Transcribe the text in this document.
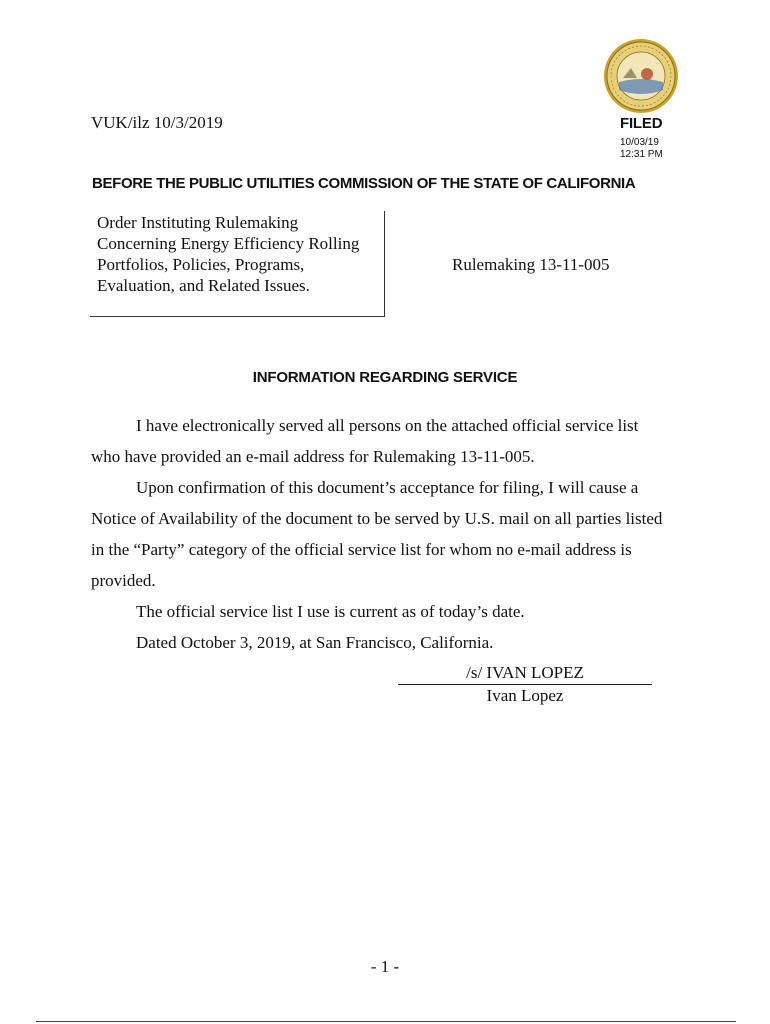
VUK/ilz 10/3/2019	FILED
10/03/19
12:31 PM
BEFORE THE PUBLIC UTILITIES COMMISSION OF THE STATE OF CALIFORNIA
Order Instituting Rulemaking
Concerning Energy Efficiency Rolling
Portfolios, Policies, Programs,
Evaluation, and Related Issues.
Rulemaking 13-11-005
INFORMATION REGARDING SERVICE

I have electronically served all persons on the attached official service list who have provided an e-mail address for Rulemaking 13-11-005.

Upon confirmation of this document’s acceptance for filing, I will cause a Notice of Availability of the document to be served by U.S. mail on all parties listed in the “Party” category of the official service list for whom no e-mail address is provided.

The official service list I use is current as of today’s date.

Dated October 3, 2019, at San Francisco, California.

/s/ IVAN LOPEZ
Ivan Lopez
- 1 -
